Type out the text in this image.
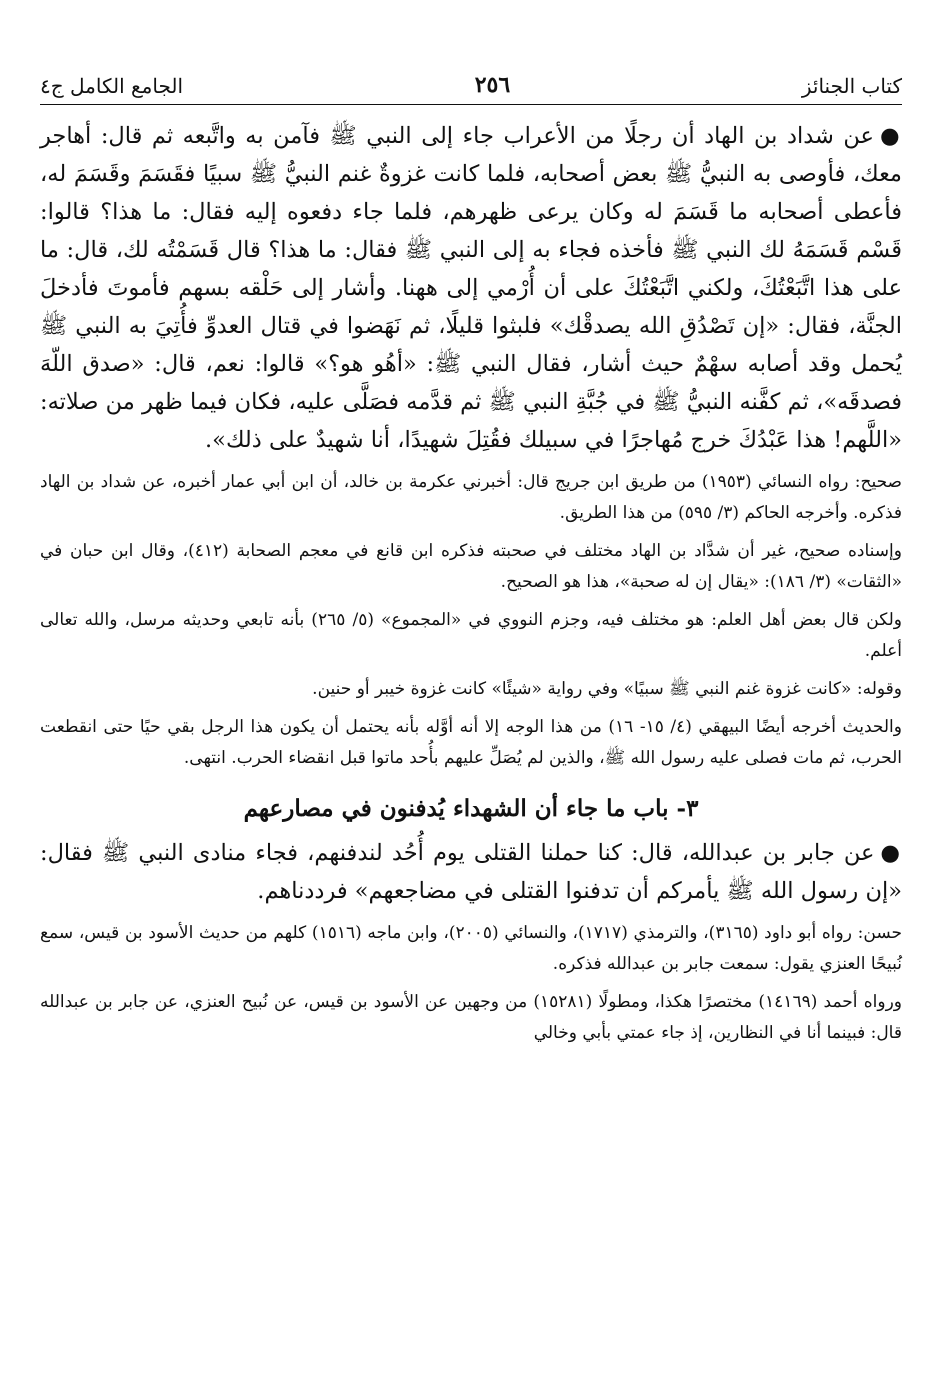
كتاب الجنائز
٢٥٦
الجامع الكامل ج٤

●عن شداد بن الهاد أن رجلًا من الأعراب جاء إلى النبي ﷺ فآمن به واتَّبعه ثم قال: أهاجر معك، فأوصى به النبيُّ ﷺ بعض أصحابه، فلما كانت غزوةٌ غنم النبيُّ ﷺ سبيًا فقَسَمَ وقَسَمَ له، فأعطى أصحابه ما قَسَمَ له وكان يرعى ظهرهم، فلما جاء دفعوه إليه فقال: ما هذا؟ قالوا: قَسْم قَسَمَهُ لك النبي ﷺ فأخذه فجاء به إلى النبي ﷺ فقال: ما هذا؟ قال قَسَمْتُه لك، قال: ما على هذا اتَّبَعْتُكَ، ولكني اتَّبَعْتُكَ على أن أُرْمي إلى ههنا. وأشار إلى حَلْقه بسهم فأموتَ فأدخلَ الجنَّة، فقال: «إن تَصْدُقِ الله يصدقْك» فلبثوا قليلًا، ثم نَهَضوا في قتال العدوِّ فأُتِيَ به النبي ﷺ يُحمل وقد أصابه سهْمٌ حيث أشار، فقال النبي ﷺ: «أهُو هو؟» قالوا: نعم، قال: «صدق اللّهَ فصدقَه»، ثم كفَّنه النبيُّ ﷺ في جُبَّةِ النبي ﷺ ثم قدَّمه فصَلَّى عليه، فكان فيما ظهر من صلاته: «اللَّهم! هذا عَبْدُكَ خرج مُهاجرًا في سبيلك فقُتِلَ شهيدًا، أنا شهيدٌ على ذلك».

صحيح: رواه النسائي (١٩٥٣) من طريق ابن جريج قال: أخبرني عكرمة بن خالد، أن ابن أبي عمار أخبره، عن شداد بن الهاد فذكره. وأخرجه الحاكم (٣/ ٥٩٥) من هذا الطريق.

وإسناده صحيح، غير أن شدَّاد بن الهاد مختلف في صحبته فذكره ابن قانع في معجم الصحابة (٤١٢)، وقال ابن حبان في «الثقات» (٣/ ١٨٦): «يقال إن له صحبة»، هذا هو الصحيح.

ولكن قال بعض أهل العلم: هو مختلف فيه، وجزم النووي في «المجموع» (٥/ ٢٦٥) بأنه تابعي وحديثه مرسل، والله تعالى أعلم.

وقوله: «كانت غزوة غنم النبي ﷺ سبيًا» وفي رواية «شيئًا» كانت غزوة خيبر أو حنين.

والحديث أخرجه أيضًا البيهقي (٤/ ١٥- ١٦) من هذا الوجه إلا أنه أوَّله بأنه يحتمل أن يكون هذا الرجل بقي حيًا حتى انقطعت الحرب، ثم مات فصلى عليه رسول الله ﷺ، والذين لم يُصَلِّ عليهم بأُحد ماتوا قبل انقضاء الحرب. انتهى.

٣- باب ما جاء أن الشهداء يُدفنون في مصارعهم

●عن جابر بن عبدالله، قال: كنا حملنا القتلى يوم أُحُد لندفنهم، فجاء منادى النبي ﷺ فقال: «إن رسول الله ﷺ يأمركم أن تدفنوا القتلى في مضاجعهم» فرددناهم.

حسن: رواه أبو داود (٣١٦٥)، والترمذي (١٧١٧)، والنسائي (٢٠٠٥)، وابن ماجه (١٥١٦) كلهم من حديث الأسود بن قيس، سمع نُبيحًا العنزي يقول: سمعت جابر بن عبدالله فذكره.

ورواه أحمد (١٤١٦٩) مختصرًا هكذا، ومطولًا (١٥٢٨١) من وجهين عن الأسود بن قيس، عن نُبيح العنزي، عن جابر بن عبدالله قال: فبينما أنا في النظارين، إذ جاء عمتي بأبي وخالي
